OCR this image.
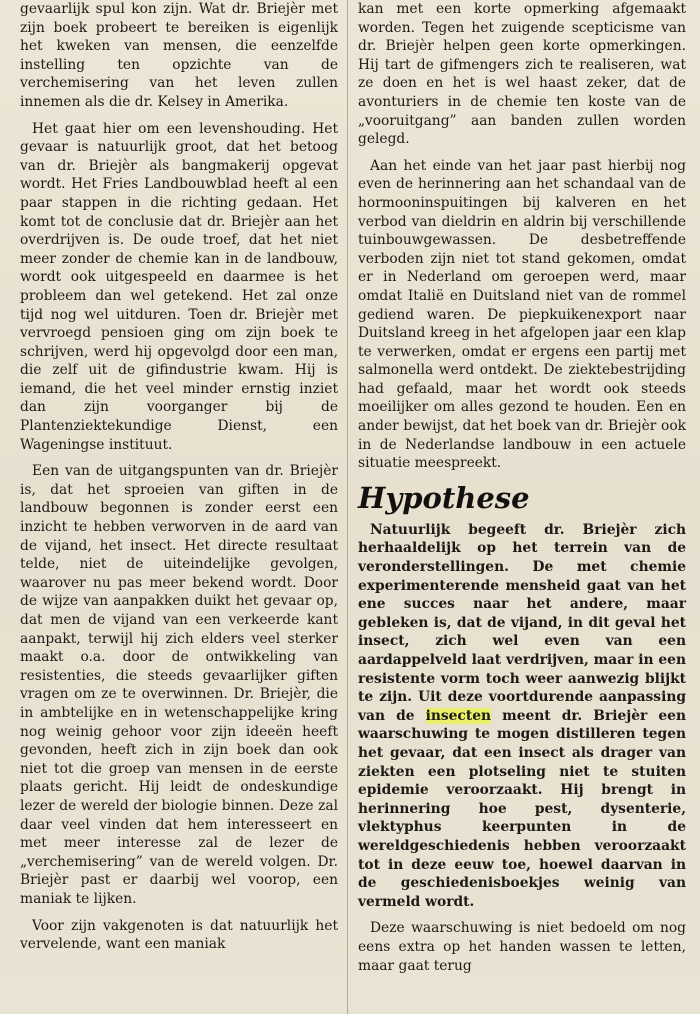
gevaarlijk spul kon zijn. Wat dr. Briejèr met zijn boek probeert te bereiken is eigenlijk het kweken van mensen, die eenzelfde instelling ten opzichte van de verchemisering van het leven zullen innemen als die dr. Kelsey in Amerika.

Het gaat hier om een levenshouding. Het gevaar is natuurlijk groot, dat het betoog van dr. Briejèr als bangmakerij opgevat wordt. Het Fries Landbouwblad heeft al een paar stappen in die richting gedaan. Het komt tot de conclusie dat dr. Briejèr aan het overdrijven is. De oude troef, dat het niet meer zonder de chemie kan in de landbouw, wordt ook uitgespeeld en daarmee is het probleem dan wel getekend. Het zal onze tijd nog wel uitduren. Toen dr. Briejèr met vervroegd pensioen ging om zijn boek te schrijven, werd hij opgevolgd door een man, die zelf uit de gifindustrie kwam. Hij is iemand, die het veel minder ernstig inziet dan zijn voorganger bij de Plantenziektekundige Dienst, een Wageningse instituut.

Een van de uitgangspunten van dr. Briejèr is, dat het sproeien van giften in de landbouw begonnen is zonder eerst een inzicht te hebben verworven in de aard van de vijand, het insect. Het directe resultaat telde, niet de uiteindelijke gevolgen, waarover nu pas meer bekend wordt. Door de wijze van aanpakken duikt het gevaar op, dat men de vijand van een verkeerde kant aanpakt, terwijl hij zich elders veel sterker maakt o.a. door de ontwikkeling van resistenties, die steeds gevaarlijker giften vragen om ze te overwinnen. Dr. Briejèr, die in ambtelijke en in wetenschappelijke kring nog weinig gehoor voor zijn ideeën heeft gevonden, heeft zich in zijn boek dan ook niet tot die groep van mensen in de eerste plaats gericht. Hij leidt de ondeskundige lezer de wereld der biologie binnen. Deze zal daar veel vinden dat hem interesseert en met meer interesse zal de lezer de „verchemisering” van de wereld volgen. Dr. Briejèr past er daarbij wel voorop, een maniak te lijken.

Voor zijn vakgenoten is dat natuurlijk het vervelende, want een maniak

kan met een korte opmerking afgemaakt worden. Tegen het zuigende scepticisme van dr. Briejèr helpen geen korte opmerkingen. Hij tart de gifmengers zich te realiseren, wat ze doen en het is wel haast zeker, dat de avonturiers in de chemie ten koste van de „vooruitgang” aan banden zullen worden gelegd.

Aan het einde van het jaar past hierbij nog even de herinnering aan het schandaal van de hormooninspuitingen bij kalveren en het verbod van dieldrin en aldrin bij verschillende tuinbouwgewassen. De desbetreffende verboden zijn niet tot stand gekomen, omdat er in Nederland om geroepen werd, maar omdat Italië en Duitsland niet van de rommel gediend waren. De piepkuikenexport naar Duitsland kreeg in het afgelopen jaar een klap te verwerken, omdat er ergens een partij met salmonella werd ontdekt. De ziektebestrijding had gefaald, maar het wordt ook steeds moeilijker om alles gezond te houden. Een en ander bewijst, dat het boek van dr. Briejèr ook in de Nederlandse landbouw in een actuele situatie meespreekt.

Hypothese

Natuurlijk begeeft dr. Briejèr zich herhaaldelijk op het terrein van de veronderstellingen. De met chemie experimenterende mensheid gaat van het ene succes naar het andere, maar gebleken is, dat de vijand, in dit geval het insect, zich wel even van een aardappelveld laat verdrijven, maar in een resistente vorm toch weer aanwezig blijkt te zijn. Uit deze voortdurende aanpassing van de insecten meent dr. Briejèr een waarschuwing te mogen distilleren tegen het gevaar, dat een insect als drager van ziekten een plotseling niet te stuiten epidemie veroorzaakt. Hij brengt in herinnering hoe pest, dysenterie, vlektyphus keerpunten in de wereldgeschiedenis hebben veroorzaakt tot in deze eeuw toe, hoewel daarvan in de geschiedenisboekjes weinig van vermeld wordt.

Deze waarschuwing is niet bedoeld om nog eens extra op het handen wassen te letten, maar gaat terug
